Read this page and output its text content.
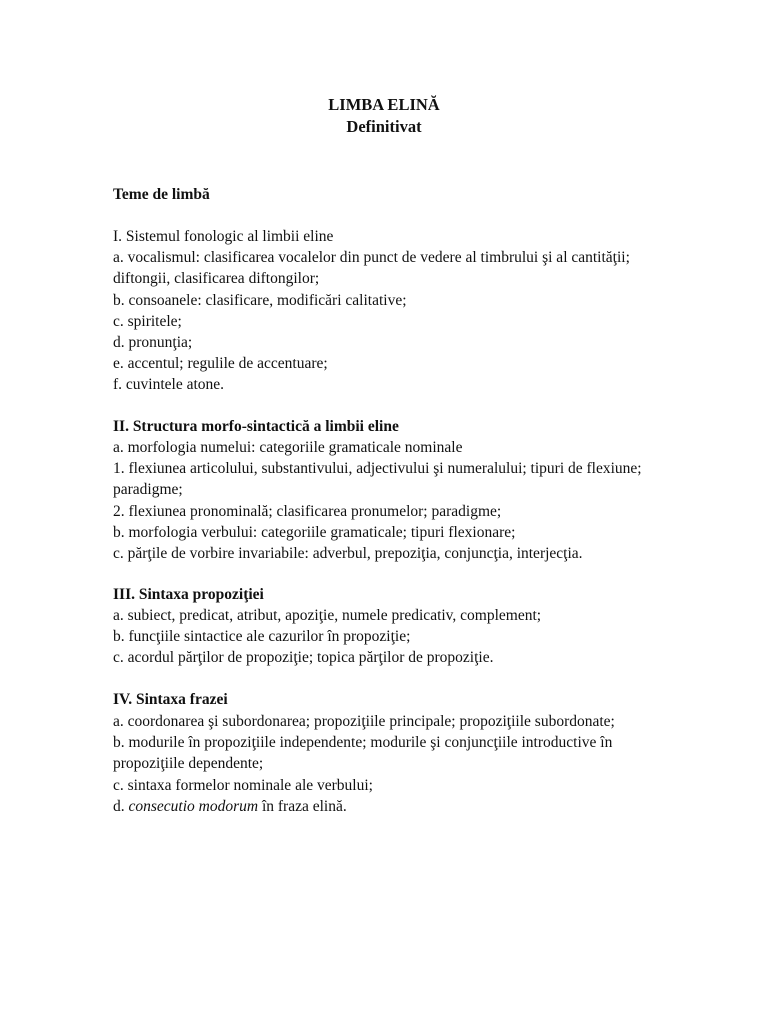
LIMBA ELINĂ
Definitivat
Teme de limbă
I. Sistemul fonologic al limbii eline
a. vocalismul: clasificarea vocalelor din punct de vedere al timbrului şi al cantităţii; diftongii, clasificarea diftongilor;
b. consoanele: clasificare, modificări calitative;
c. spiritele;
d. pronunţia;
e. accentul; regulile de accentuare;
f. cuvintele atone.
II. Structura morfo-sintactică a limbii eline
a. morfologia numelui: categoriile gramaticale nominale
1. flexiunea articolului, substantivului, adjectivului şi numeralului; tipuri de flexiune; paradigme;
2. flexiunea pronominală; clasificarea pronumelor; paradigme;
b. morfologia verbului: categoriile gramaticale; tipuri flexionare;
c. părţile de vorbire invariabile: adverbul, prepoziţia, conjuncţia, interjecţia.
III. Sintaxa propoziţiei
a. subiect, predicat, atribut, apoziţie, numele predicativ, complement;
b. funcţiile sintactice ale cazurilor în propoziţie;
c. acordul părţilor de propoziţie; topica părţilor de propoziţie.
IV. Sintaxa frazei
a. coordonarea şi subordonarea; propoziţiile principale; propoziţiile subordonate;
b. modurile în propoziţiile independente; modurile şi conjuncţiile introductive în propoziţiile dependente;
c. sintaxa formelor nominale ale verbului;
d. consecutio modorum în fraza elină.
